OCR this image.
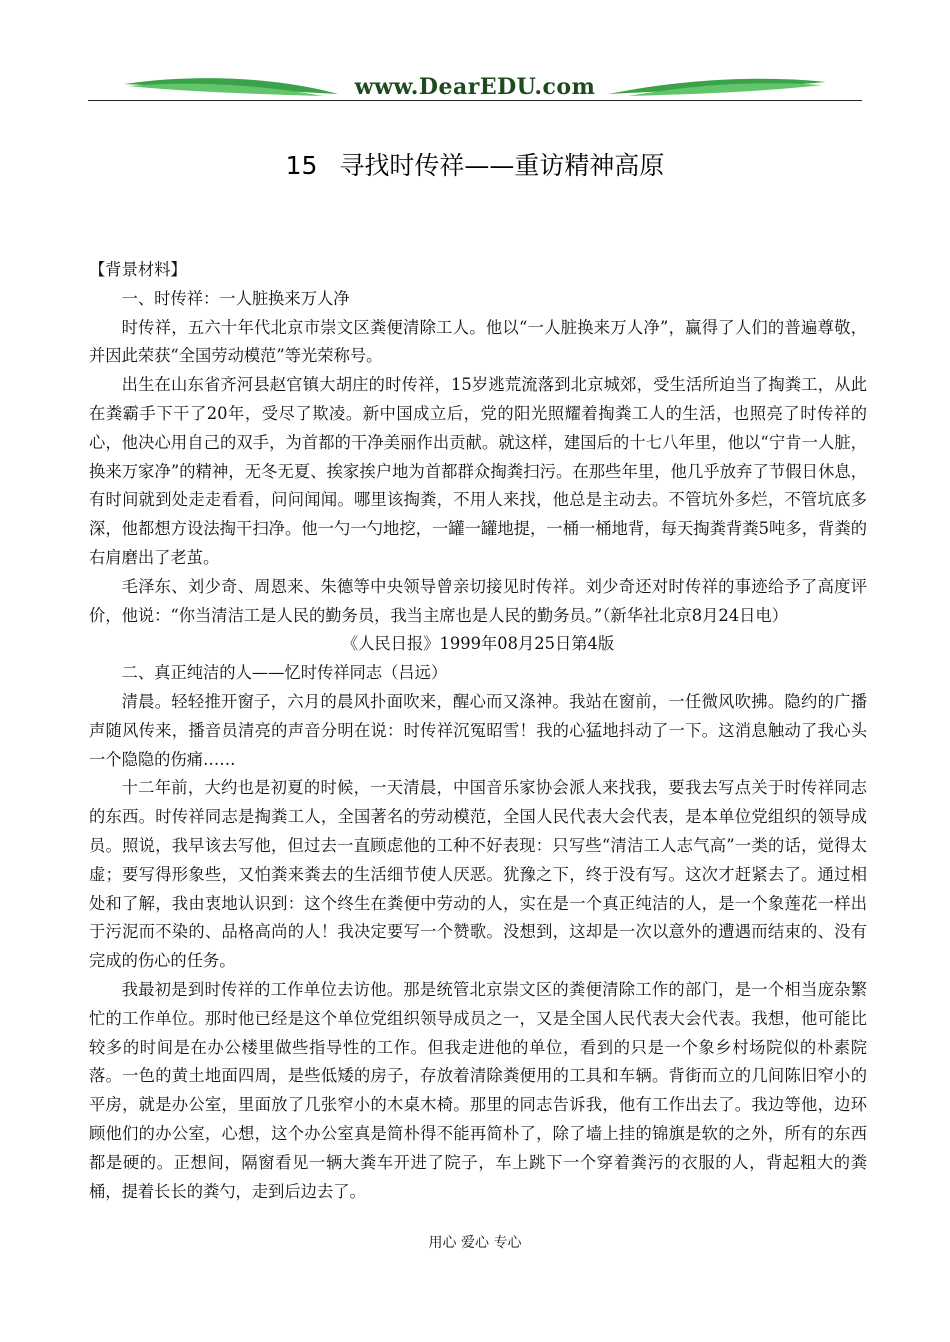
www.DearEDU.com
15 寻找时传祥——重访精神高原

【背景材料】

一、时传祥：一人脏换来万人净

时传祥，五六十年代北京市崇文区粪便清除工人。他以“一人脏换来万人净”，赢得了人们的普遍尊敬，并因此荣获“全国劳动模范”等光荣称号。

出生在山东省齐河县赵官镇大胡庄的时传祥，15岁逃荒流落到北京城郊，受生活所迫当了掏粪工，从此在粪霸手下干了20年，受尽了欺凌。新中国成立后，党的阳光照耀着掏粪工人的生活，也照亮了时传祥的心，他决心用自己的双手，为首都的干净美丽作出贡献。就这样，建国后的十七八年里，他以“宁肯一人脏，换来万家净”的精神，无冬无夏、挨家挨户地为首都群众掏粪扫污。在那些年里，他几乎放弃了节假日休息，有时间就到处走走看看，问问闻闻。哪里该掏粪，不用人来找，他总是主动去。不管坑外多烂，不管坑底多深，他都想方设法掏干扫净。他一勺一勺地挖，一罐一罐地提，一桶一桶地背，每天掏粪背粪5吨多，背粪的右肩磨出了老茧。

毛泽东、刘少奇、周恩来、朱德等中央领导曾亲切接见时传祥。刘少奇还对时传祥的事迹给予了高度评价，他说：“你当清洁工是人民的勤务员，我当主席也是人民的勤务员。”（新华社北京8月24日电）

《人民日报》1999年08月25日第4版

二、真正纯洁的人——忆时传祥同志（吕远）

清晨。轻轻推开窗子，六月的晨风扑面吹来，醒心而又涤神。我站在窗前，一任微风吹拂。隐约的广播声随风传来，播音员清亮的声音分明在说：时传祥沉冤昭雪！我的心猛地抖动了一下。这消息触动了我心头一个隐隐的伤痛……

十二年前，大约也是初夏的时候，一天清晨，中国音乐家协会派人来找我，要我去写点关于时传祥同志的东西。时传祥同志是掏粪工人，全国著名的劳动模范，全国人民代表大会代表，是本单位党组织的领导成员。照说，我早该去写他，但过去一直顾虑他的工种不好表现：只写些“清洁工人志气高”一类的话，觉得太虚；要写得形象些，又怕粪来粪去的生活细节使人厌恶。犹豫之下，终于没有写。这次才赶紧去了。通过相处和了解，我由衷地认识到：这个终生在粪便中劳动的人，实在是一个真正纯洁的人，是一个象莲花一样出于污泥而不染的、品格高尚的人！我决定要写一个赞歌。没想到，这却是一次以意外的遭遇而结束的、没有完成的伤心的任务。

我最初是到时传祥的工作单位去访他。那是统管北京崇文区的粪便清除工作的部门，是一个相当庞杂繁忙的工作单位。那时他已经是这个单位党组织领导成员之一，又是全国人民代表大会代表。我想，他可能比较多的时间是在办公楼里做些指导性的工作。但我走进他的单位，看到的只是一个象乡村场院似的朴素院落。一色的黄土地面四周，是些低矮的房子，存放着清除粪便用的工具和车辆。背街而立的几间陈旧窄小的平房，就是办公室，里面放了几张窄小的木桌木椅。那里的同志告诉我，他有工作出去了。我边等他，边环顾他们的办公室，心想，这个办公室真是简朴得不能再简朴了，除了墙上挂的锦旗是软的之外，所有的东西都是硬的。正想间，隔窗看见一辆大粪车开进了院子，车上跳下一个穿着粪污的衣服的人，背起粗大的粪桶，提着长长的粪勺，走到后边去了。

用心 爱心 专心
